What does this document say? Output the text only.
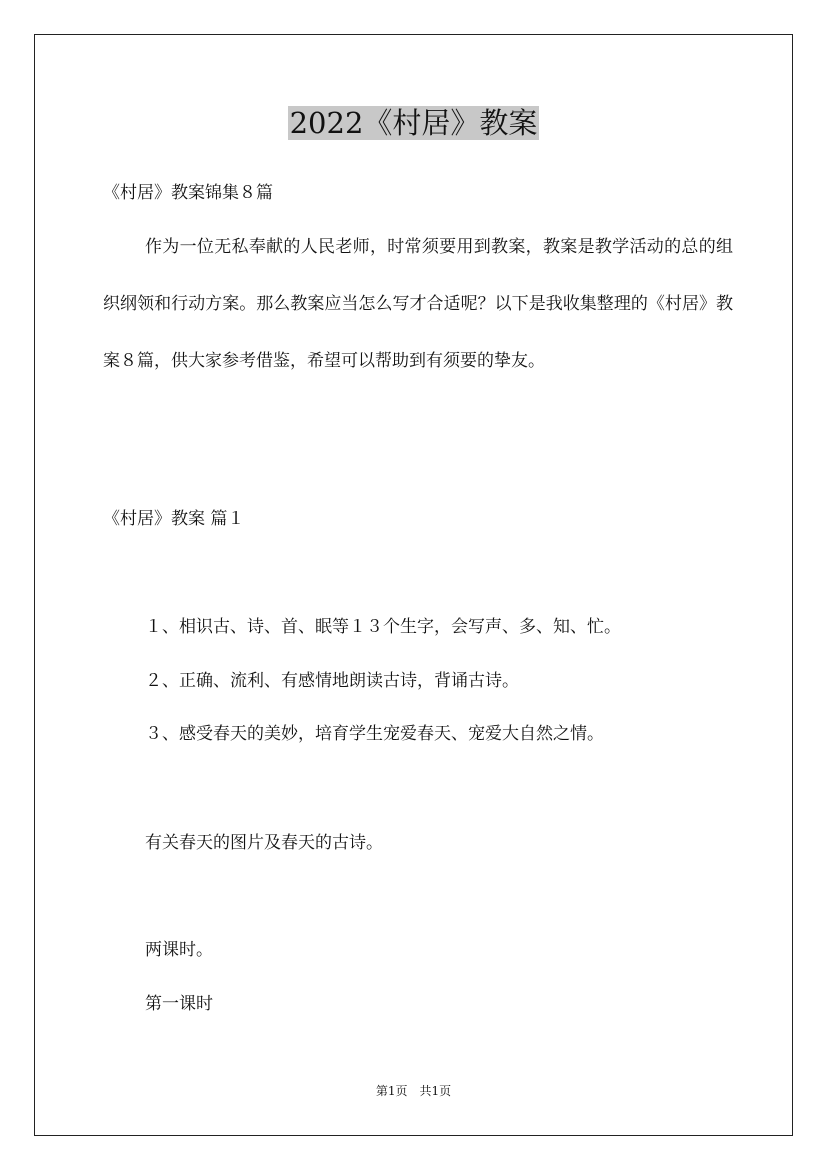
2022《村居》教案

《村居》教案锦集８篇

作为一位无私奉献的人民老师，时常须要用到教案，教案是教学活动的总的组织纲领和行动方案。那么教案应当怎么写才合适呢？以下是我收集整理的《村居》教案８篇，供大家参考借鉴，希望可以帮助到有须要的挚友。

《村居》教案 篇１

１、相识古、诗、首、眠等１３个生字，会写声、多、知、忙。

２、正确、流利、有感情地朗读古诗，背诵古诗。

３、感受春天的美妙，培育学生宠爱春天、宠爱大自然之情。

有关春天的图片及春天的古诗。

两课时。

第一课时

第1页　共1页
